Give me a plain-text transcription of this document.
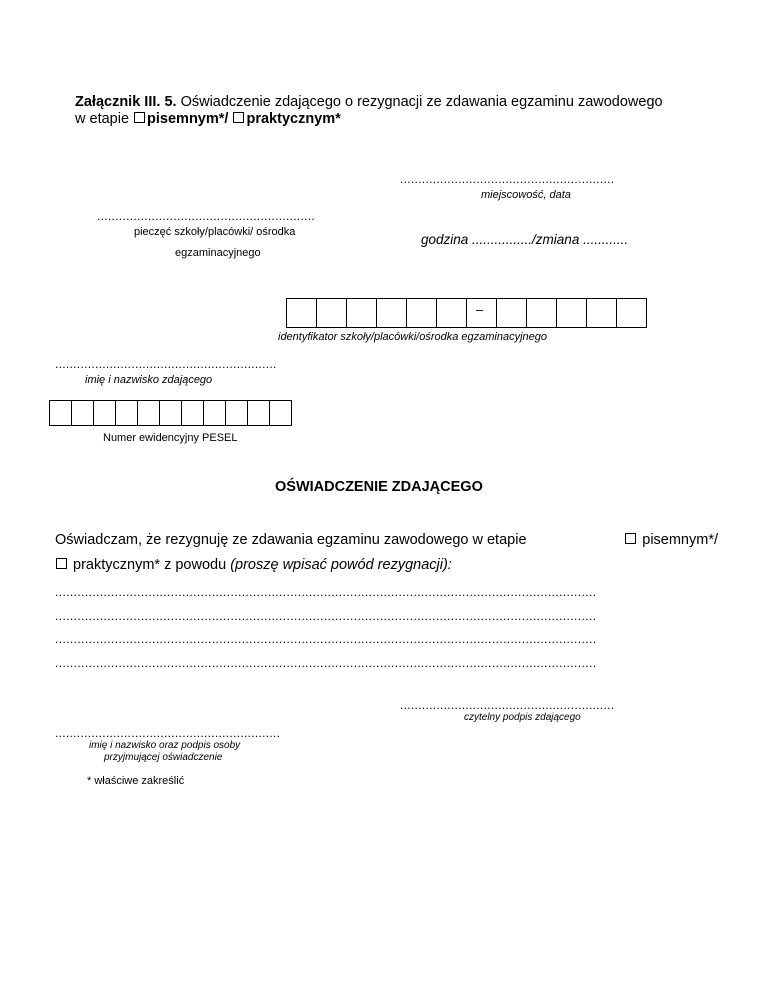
Załącznik III. 5. Oświadczenie zdającego o rezygnacji ze zdawania egzaminu zawodowego
w etapie pisemnym*/ praktycznym*
...........................................................
miejscowość, data
............................................................
pieczęć szkoły/placówki/ ośrodka
egzaminacyjnego
godzina ................/zmiana ............
–
identyfikator szkoły/placówki/ośrodka egzaminacyjnego
.............................................................
imię i nazwisko zdającego
Numer ewidencyjny PESEL
OŚWIADCZENIE ZDAJĄCEGO
Oświadczam, że rezygnuję ze zdawania egzaminu zawodowego w etapie	pisemnym*/
praktycznym* z powodu (proszę wpisać powód rezygnacji):
.................................................................................................................................................
.................................................................................................................................................
.................................................................................................................................................
.................................................................................................................................................
...........................................................
czytelny podpis zdającego
..............................................................
imię i nazwisko oraz podpis osoby
przyjmującej oświadczenie
* właściwe zakreślić
